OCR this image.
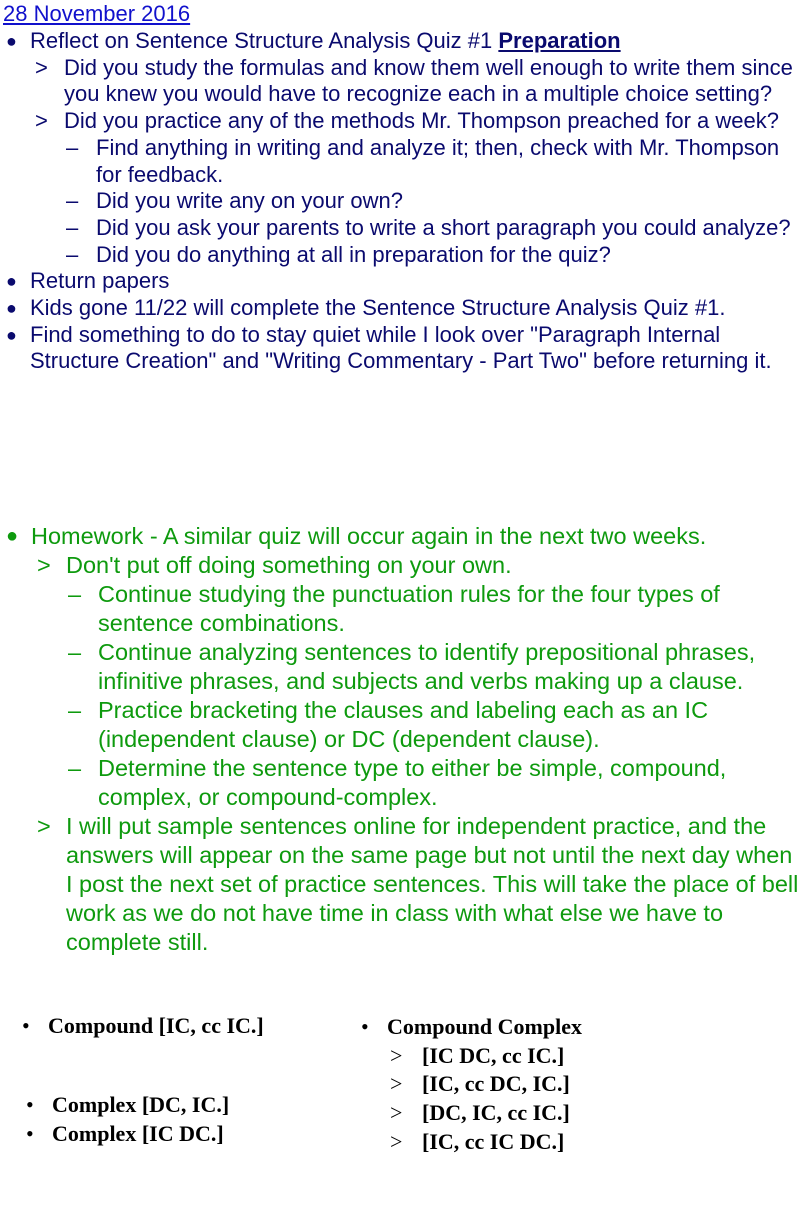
28 November 2016
● Reflect on Sentence Structure Analysis Quiz #1 Preparation
> Did you study the formulas and know them well enough to write them since you knew you would have to recognize each in a multiple choice setting?
> Did you practice any of the methods Mr. Thompson preached for a week?
– Find anything in writing and analyze it; then, check with Mr. Thompson for feedback.
– Did you write any on your own?
– Did you ask your parents to write a short paragraph you could analyze?
– Did you do anything at all in preparation for the quiz?
● Return papers
● Kids gone 11/22 will complete the Sentence Structure Analysis Quiz #1.
● Find something to do to stay quiet while I look over "Paragraph Internal Structure Creation" and "Writing Commentary - Part Two" before returning it.
● Homework - A similar quiz will occur again in the next two weeks.
> Don't put off doing something on your own.
– Continue studying the punctuation rules for the four types of sentence combinations.
– Continue analyzing sentences to identify prepositional phrases, infinitive phrases, and subjects and verbs making up a clause.
– Practice bracketing the clauses and labeling each as an IC (independent clause) or DC (dependent clause).
– Determine the sentence type to either be simple, compound, complex, or compound-complex.
> I will put sample sentences online for independent practice, and the answers will appear on the same page but not until the next day when I post the next set of practice sentences. This will take the place of bell work as we do not have time in class with what else we have to complete still.
• Compound [IC, cc IC.]
• Complex [DC, IC.]
• Complex [IC DC.]
• Compound Complex
> [IC DC, cc IC.]
> [IC, cc DC, IC.]
> [DC, IC, cc IC.]
> [IC, cc IC DC.]
